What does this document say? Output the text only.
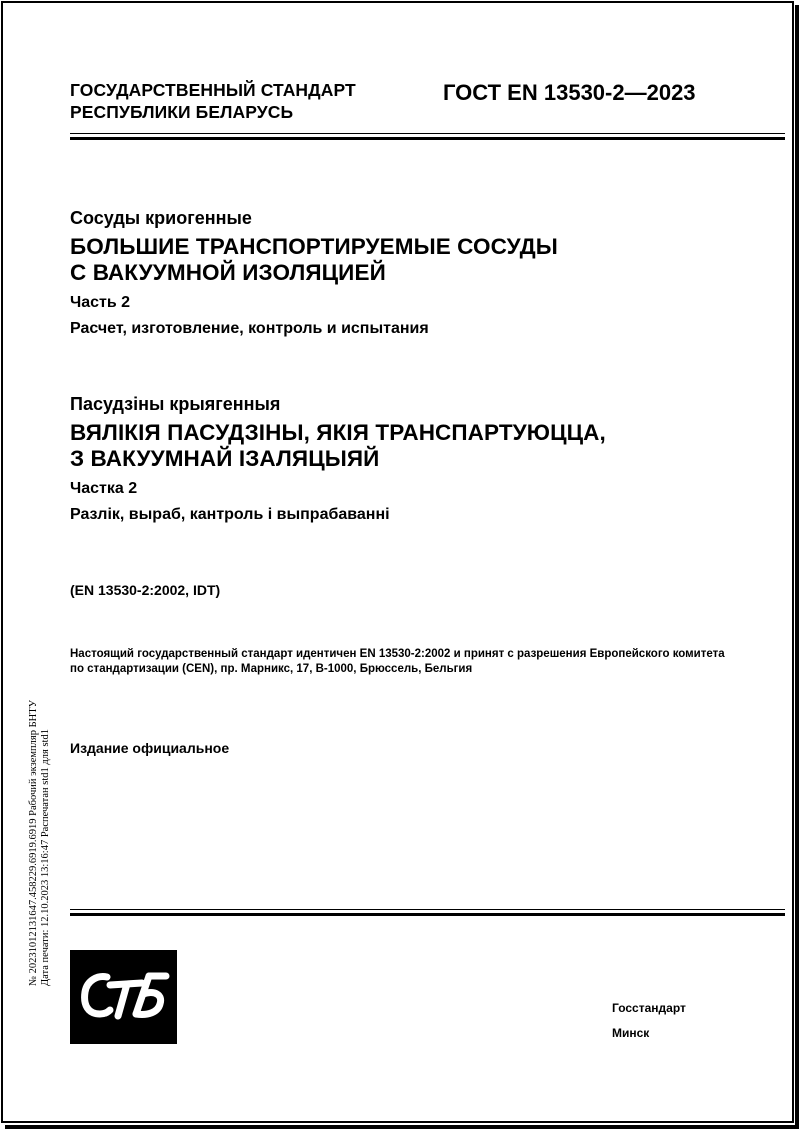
ГОСУДАРСТВЕННЫЙ СТАНДАРТ
РЕСПУБЛИКИ БЕЛАРУСЬ
ГОСТ EN 13530-2—2023
Сосуды криогенные
БОЛЬШИЕ ТРАНСПОРТИРУЕМЫЕ СОСУДЫ
С ВАКУУМНОЙ ИЗОЛЯЦИЕЙ
Часть 2
Расчет, изготовление, контроль и испытания
Пасудзіны крыягенныя
ВЯЛІКІЯ ПАСУДЗІНЫ, ЯКІЯ ТРАНСПАРТУЮЦЦА,
З ВАКУУМНАЙ ІЗАЛЯЦЫЯЙ
Частка 2
Разлік, выраб, кантроль і выпрабаванні
(EN 13530-2:2002, IDT)
Настоящий государственный стандарт идентичен EN 13530-2:2002 и принят с разрешения Европейского комитета по стандартизации (CEN), пр. Марникс, 17, В-1000, Брюссель, Бельгия
Издание официальное
№ 20231012131647.458229.6919.6919 Рабочий экземпляр БНТУ Дата печати: 12.10.2023 13:16:47 Распечатан std1 для std1
Госстандарт
Минск
